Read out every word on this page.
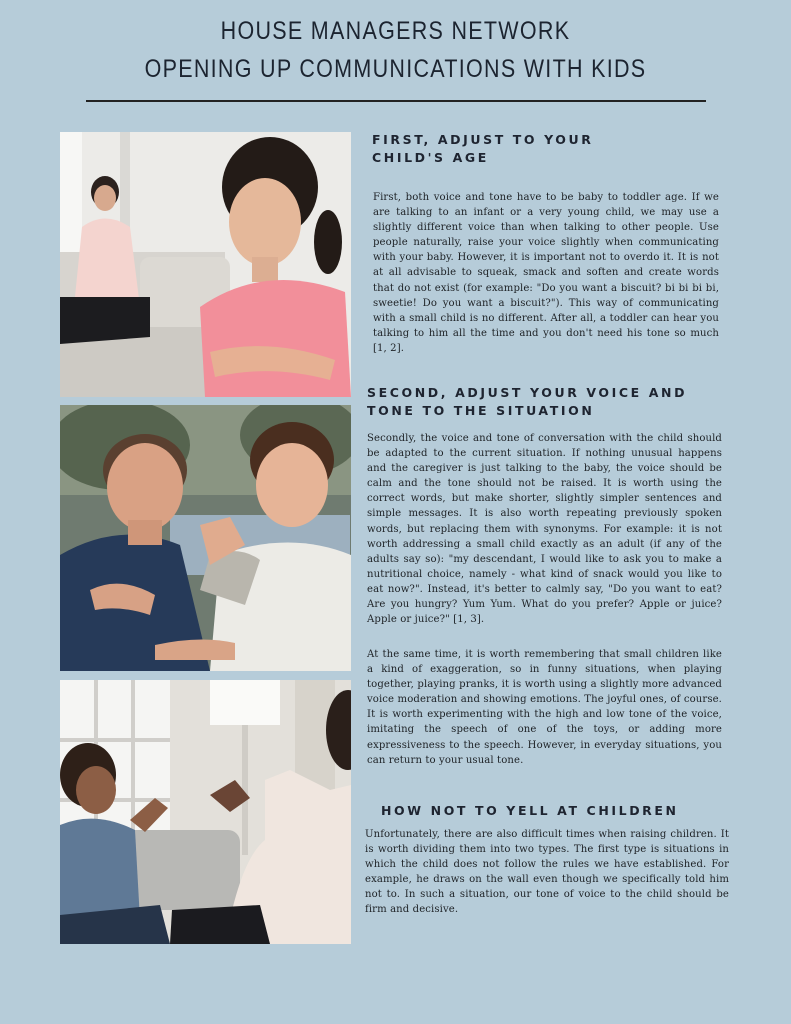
HOUSE MANAGERS NETWORK
OPENING UP COMMUNICATIONS WITH KIDS
FIRST, ADJUST TO YOUR CHILD'S AGE

First, both voice and tone have to be baby to toddler age. If we are talking to an infant or a very young child, we may use a slightly different voice than when talking to other people. Use people naturally, raise your voice slightly when communicating with your baby. However, it is important not to overdo it. It is not at all advisable to squeak, smack and soften and create words that do not exist (for example: "Do you want a biscuit? bi bi bi bi, sweetie! Do you want a biscuit?"). This way of communicating with a small child is no different. After all, a toddler can hear you talking to him all the time and you don't need his tone so much [1, 2].

SECOND, ADJUST YOUR VOICE AND TONE TO THE SITUATION

Secondly, the voice and tone of conversation with the child should be adapted to the current situation. If nothing unusual happens and the caregiver is just talking to the baby, the voice should be calm and the tone should not be raised. It is worth using the correct words, but make shorter, slightly simpler sentences and simple messages. It is also worth repeating previously spoken words, but replacing them with synonyms. For example: it is not worth addressing a small child exactly as an adult (if any of the adults say so): "my descendant, I would like to ask you to make a nutritional choice, namely - what kind of snack would you like to eat now?". Instead, it's better to calmly say, "Do you want to eat? Are you hungry? Yum Yum. What do you prefer? Apple or juice? Apple or juice?" [1, 3].

At the same time, it is worth remembering that small children like a kind of exaggeration, so in funny situations, when playing together, playing pranks, it is worth using a slightly more advanced voice moderation and showing emotions. The joyful ones, of course. It is worth experimenting with the high and low tone of the voice, imitating the speech of one of the toys, or adding more expressiveness to the speech. However, in everyday situations, you can return to your usual tone.

HOW NOT TO YELL AT CHILDREN

Unfortunately, there are also difficult times when raising children. It is worth dividing them into two types. The first type is situations in which the child does not follow the rules we have established. For example, he draws on the wall even though we specifically told him not to. In such a situation, our tone of voice to the child should be firm and decisive.
